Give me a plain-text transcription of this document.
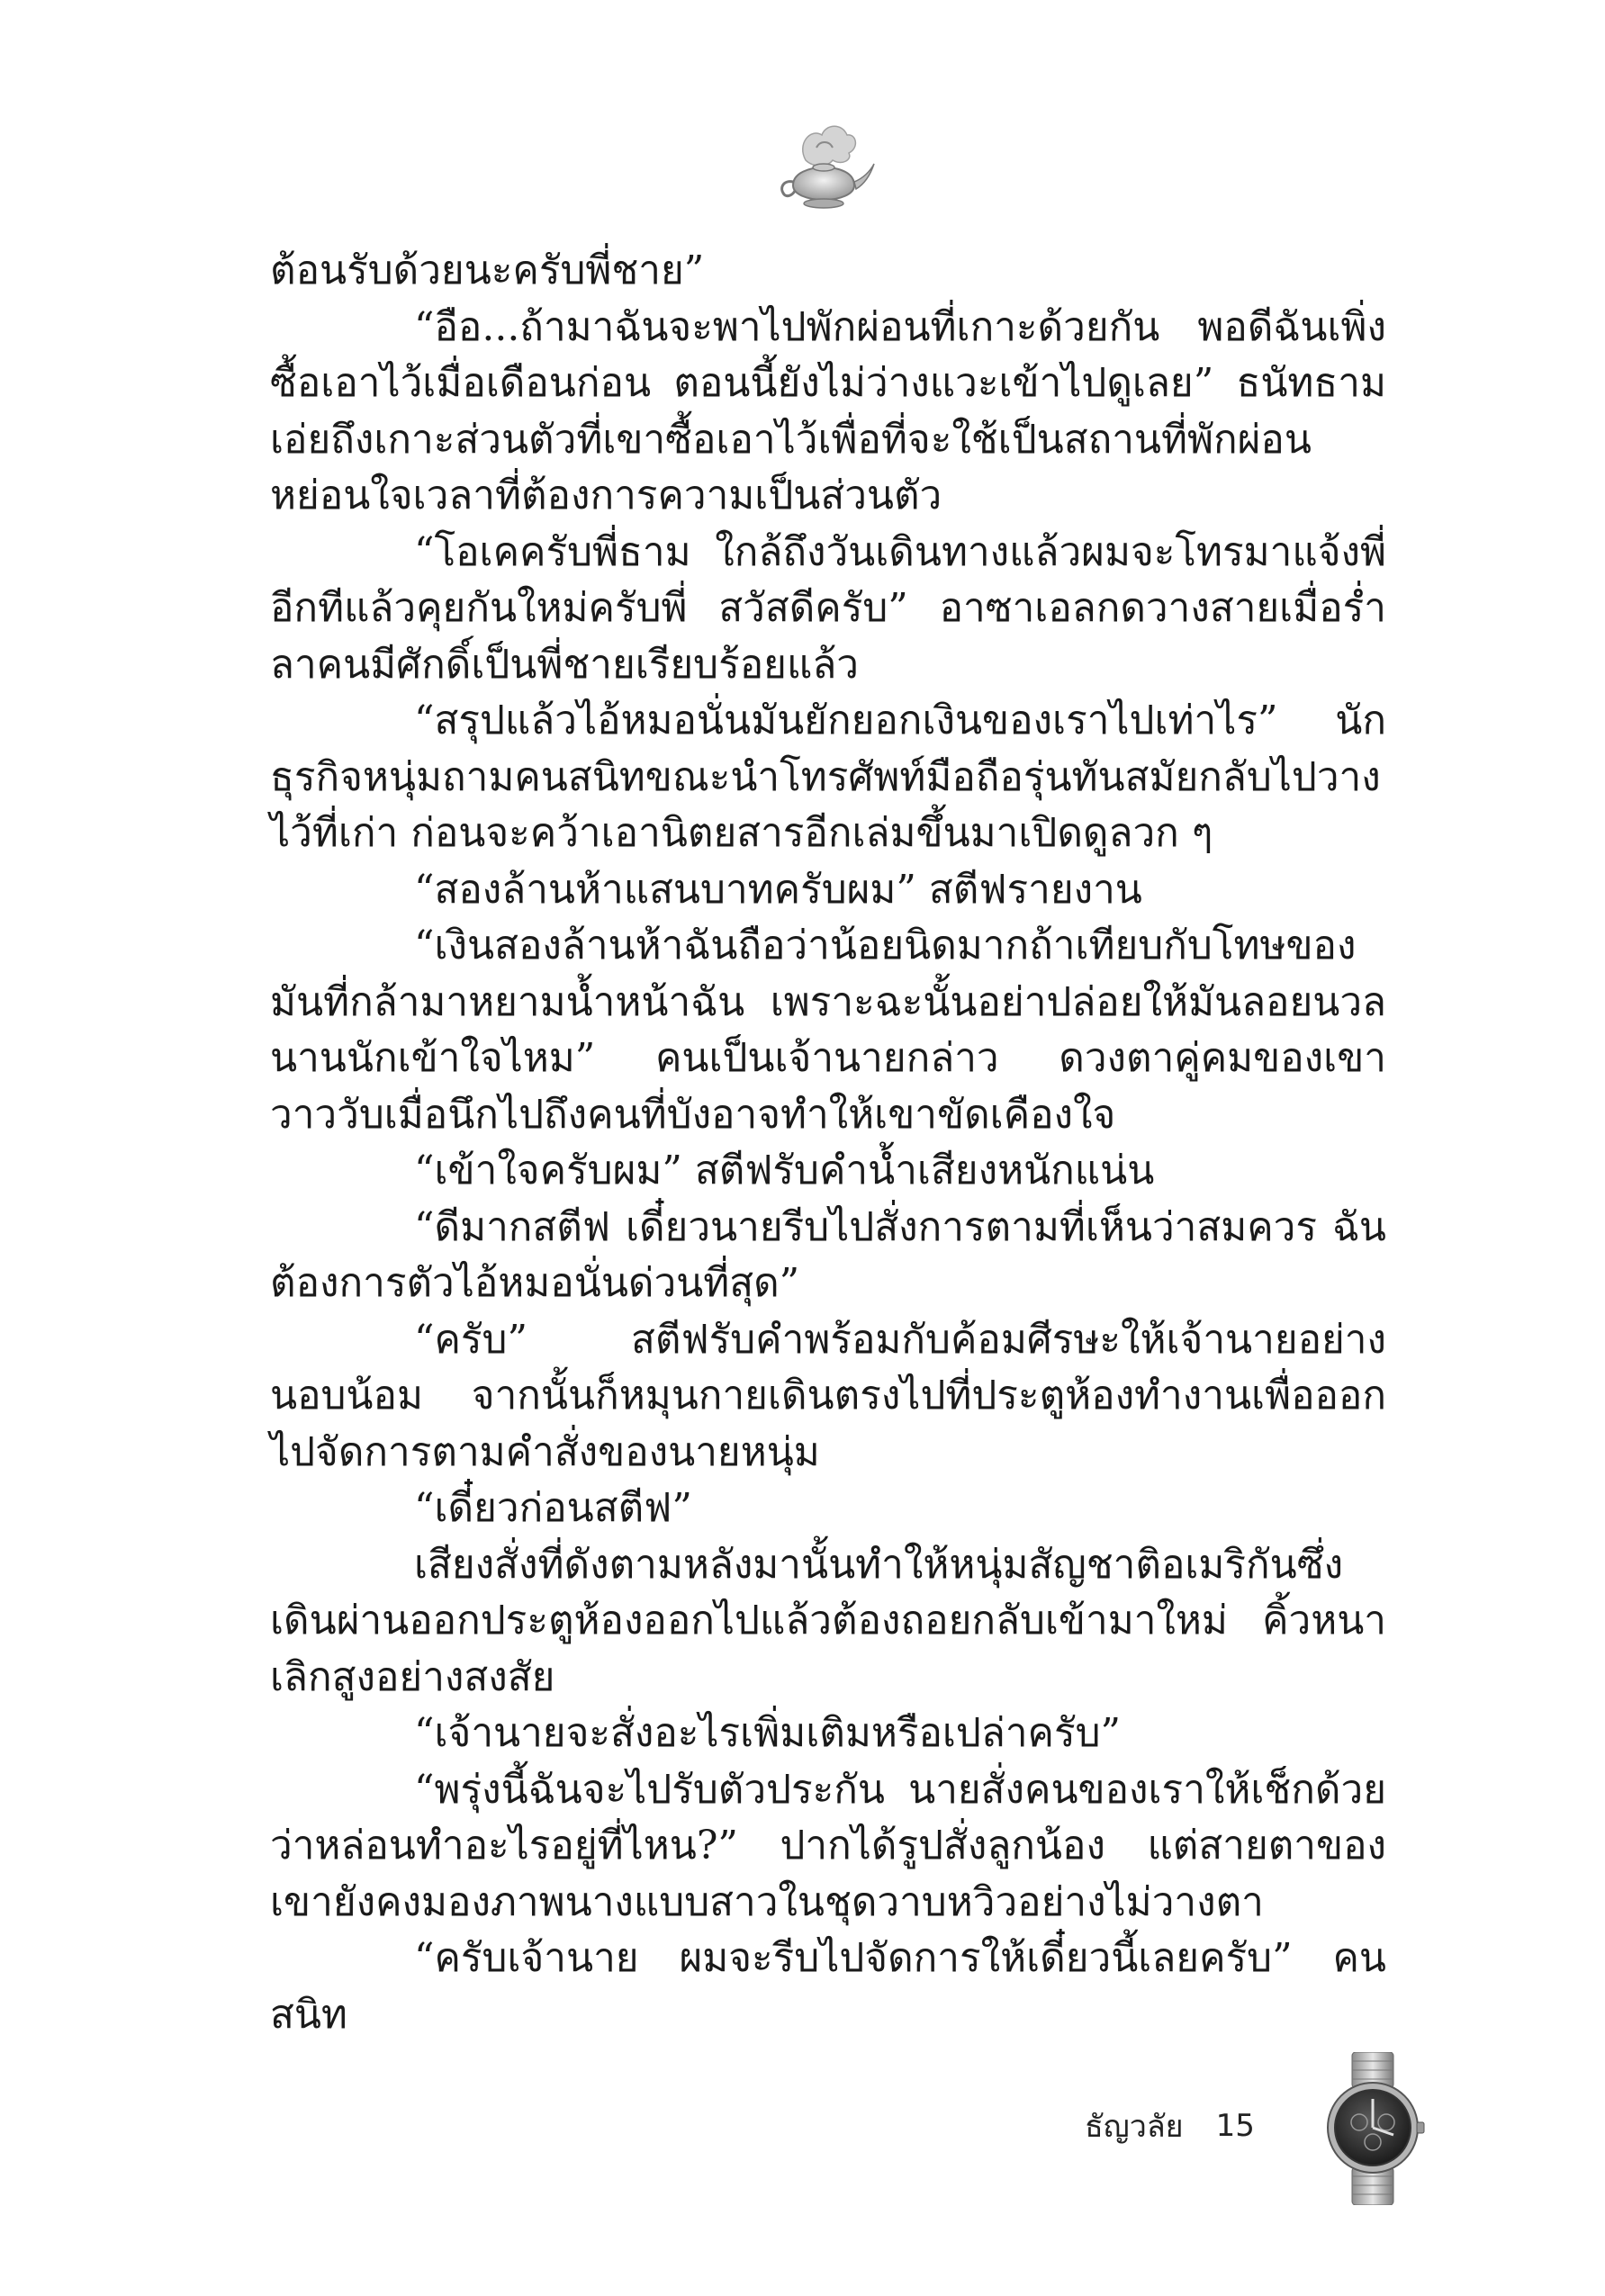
ต้อนรับด้วยนะครับพี่ชาย”

“อือ...ถ้ามาฉันจะพาไปพักผ่อนที่เกาะด้วยกัน พอดีฉันเพิ่งซื้อเอาไว้เมื่อเดือนก่อน ตอนนี้ยังไม่ว่างแวะเข้าไปดูเลย” ธนัทธามเอ่ยถึงเกาะส่วนตัวที่เขาซื้อเอาไว้เพื่อที่จะใช้เป็นสถานที่พักผ่อนหย่อนใจเวลาที่ต้องการความเป็นส่วนตัว

“โอเคครับพี่ธาม ใกล้ถึงวันเดินทางแล้วผมจะโทรมาแจ้งพี่อีกทีแล้วคุยกันใหม่ครับพี่ สวัสดีครับ” อาซาเอลกดวางสายเมื่อร่ำลาคนมีศักดิ์เป็นพี่ชายเรียบร้อยแล้ว

“สรุปแล้วไอ้หมอนั่นมันยักยอกเงินของเราไปเท่าไร” นักธุรกิจหนุ่มถามคนสนิทขณะนำโทรศัพท์มือถือรุ่นทันสมัยกลับไปวางไว้ที่เก่า ก่อนจะคว้าเอานิตยสารอีกเล่มขึ้นมาเปิดดูลวก ๆ

“สองล้านห้าแสนบาทครับผม” สตีฟรายงาน

“เงินสองล้านห้าฉันถือว่าน้อยนิดมากถ้าเทียบกับโทษของมันที่กล้ามาหยามน้ำหน้าฉัน เพราะฉะนั้นอย่าปล่อยให้มันลอยนวลนานนักเข้าใจไหม” คนเป็นเจ้านายกล่าว ดวงตาคู่คมของเขาวาววับเมื่อนึกไปถึงคนที่บังอาจทำให้เขาขัดเคืองใจ

“เข้าใจครับผม” สตีฟรับคำน้ำเสียงหนักแน่น

“ดีมากสตีฟ เดี๋ยวนายรีบไปสั่งการตามที่เห็นว่าสมควร ฉันต้องการตัวไอ้หมอนั่นด่วนที่สุด”

“ครับ” สตีฟรับคำพร้อมกับค้อมศีรษะให้เจ้านายอย่างนอบน้อม จากนั้นก็หมุนกายเดินตรงไปที่ประตูห้องทำงานเพื่อออกไปจัดการตามคำสั่งของนายหนุ่ม

“เดี๋ยวก่อนสตีฟ”

เสียงสั่งที่ดังตามหลังมานั้นทำให้หนุ่มสัญชาติอเมริกันซึ่งเดินผ่านออกประตูห้องออกไปแล้วต้องถอยกลับเข้ามาใหม่ คิ้วหนาเลิกสูงอย่างสงสัย

“เจ้านายจะสั่งอะไรเพิ่มเติมหรือเปล่าครับ”

“พรุ่งนี้ฉันจะไปรับตัวประกัน นายสั่งคนของเราให้เช็กด้วยว่าหล่อนทำอะไรอยู่ที่ไหน?” ปากได้รูปสั่งลูกน้อง แต่สายตาของเขายังคงมองภาพนางแบบสาวในชุดวาบหวิวอย่างไม่วางตา

“ครับเจ้านาย ผมจะรีบไปจัดการให้เดี๋ยวนี้เลยครับ” คนสนิท

ธัญวลัย 15
